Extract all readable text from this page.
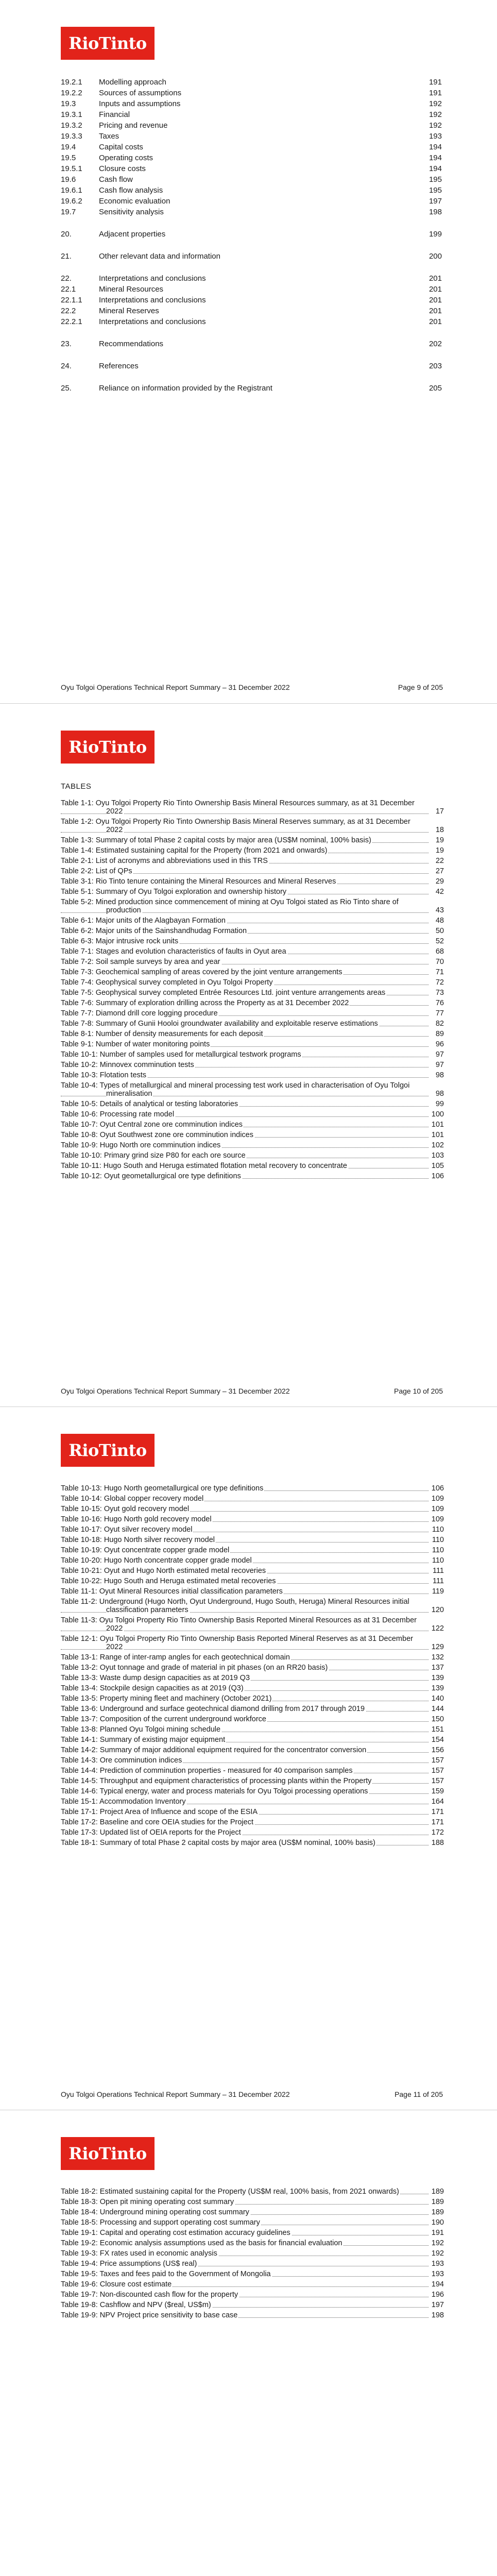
RioTinto
19.2.1	Modelling approach	191
19.2.2	Sources of assumptions	191
19.3	Inputs and assumptions	192
19.3.1	Financial	192
19.3.2	Pricing and revenue	192
19.3.3	Taxes	193
19.4	Capital costs	194
19.5	Operating costs	194
19.5.1	Closure costs	194
19.6	Cash flow	195
19.6.1	Cash flow analysis	195
19.6.2	Economic evaluation	197
19.7	Sensitivity analysis	198
20.	Adjacent properties	199
21.	Other relevant data and information	200
22.	Interpretations and conclusions	201
22.1	Mineral Resources	201
22.1.1	Interpretations and conclusions	201
22.2	Mineral Reserves	201
22.2.1	Interpretations and conclusions	201
23.	Recommendations	202
24.	References	203
25.	Reliance on information provided by the Registrant	205
Oyu Tolgoi Operations Technical Report Summary – 31 December 2022	Page 9 of 205
RioTinto
TABLES
Table 1-1: Oyu Tolgoi Property Rio Tinto Ownership Basis Mineral Resources summary, as at 31 December 2022	17
Table 1-2: Oyu Tolgoi Property Rio Tinto Ownership Basis Mineral Reserves summary, as at 31 December 2022	18
Table 1-3: Summary of total Phase 2 capital costs by major area (US$M nominal, 100% basis)	19
Table 1-4: Estimated sustaining capital for the Property (from 2021 and onwards)	19
Table 2-1: List of acronyms and abbreviations used in this TRS	22
Table 2-2: List of QPs	27
Table 3-1: Rio Tinto tenure containing the Mineral Resources and Mineral Reserves	29
Table 5-1: Summary of Oyu Tolgoi exploration and ownership history	42
Table 5-2: Mined production since commencement of mining at Oyu Tolgoi stated as Rio Tinto share of production	43
Table 6-1: Major units of the Alagbayan Formation	48
Table 6-2: Major units of the Sainshandhudag Formation	50
Table 6-3: Major intrusive rock units	52
Table 7-1: Stages and evolution characteristics of faults in Oyut area	68
Table 7-2: Soil sample surveys by area and year	70
Table 7-3: Geochemical sampling of areas covered by the joint venture arrangements	71
Table 7-4: Geophysical survey completed in Oyu Tolgoi Property	72
Table 7-5: Geophysical survey completed Entrée Resources Ltd. joint venture arrangements areas	73
Table 7-6: Summary of exploration drilling across the Property as at 31 December 2022	76
Table 7-7: Diamond drill core logging procedure	77
Table 7-8: Summary of Gunii Hooloi groundwater availability and exploitable reserve estimations	82
Table 8-1: Number of density measurements for each deposit	89
Table 9-1: Number of water monitoring points	96
Table 10-1: Number of samples used for metallurgical testwork programs	97
Table 10-2: Minnovex comminution tests	97
Table 10-3: Flotation tests	98
Table 10-4: Types of metallurgical and mineral processing test work used in characterisation of Oyu Tolgoi mineralisation	98
Table 10-5: Details of analytical or testing laboratories	99
Table 10-6: Processing rate model	100
Table 10-7: Oyut Central zone ore comminution indices	101
Table 10-8: Oyut Southwest zone ore comminution indices	101
Table 10-9: Hugo North ore comminution indices	102
Table 10-10: Primary grind size P80 for each ore source	103
Table 10-11: Hugo South and Heruga estimated flotation metal recovery to concentrate	105
Table 10-12: Oyut geometallurgical ore type definitions	106
Oyu Tolgoi Operations Technical Report Summary – 31 December 2022	Page 10 of 205
RioTinto
Table 10-13: Hugo North geometallurgical ore type definitions	106
Table 10-14: Global copper recovery model	109
Table 10-15: Oyut gold recovery model	109
Table 10-16: Hugo North gold recovery model	109
Table 10-17: Oyut silver recovery model	110
Table 10-18: Hugo North silver recovery model	110
Table 10-19: Oyut concentrate copper grade model	110
Table 10-20: Hugo North concentrate copper grade model	110
Table 10-21: Oyut and Hugo North estimated metal recoveries	111
Table 10-22: Hugo South and Heruga estimated metal recoveries	111
Table 11-1: Oyut Mineral Resources initial classification parameters	119
Table 11-2: Underground (Hugo North, Oyut Underground, Hugo South, Heruga) Mineral Resources initial classification parameters	120
Table 11-3: Oyu Tolgoi Property Rio Tinto Ownership Basis Reported Mineral Resources as at 31 December 2022	122
Table 12-1: Oyu Tolgoi Property Rio Tinto Ownership Basis Reported Mineral Reserves as at 31 December 2022	129
Table 13-1: Range of inter-ramp angles for each geotechnical domain	132
Table 13-2: Oyut tonnage and grade of material in pit phases (on an RR20 basis)	137
Table 13-3: Waste dump design capacities as at 2019 Q3	139
Table 13-4: Stockpile design capacities as at 2019 (Q3)	139
Table 13-5: Property mining fleet and machinery (October 2021)	140
Table 13-6: Underground and surface geotechnical diamond drilling from 2017 through 2019	144
Table 13-7: Composition of the current underground workforce	150
Table 13-8: Planned Oyu Tolgoi mining schedule	151
Table 14-1: Summary of existing major equipment	154
Table 14-2: Summary of major additional equipment required for the concentrator conversion	156
Table 14-3: Ore comminution indices	157
Table 14-4: Prediction of comminution properties - measured for 40 comparison samples	157
Table 14-5: Throughput and equipment characteristics of processing plants within the Property	157
Table 14-6: Typical energy, water and process materials for Oyu Tolgoi processing operations	159
Table 15-1: Accommodation Inventory	164
Table 17-1: Project Area of Influence and scope of the ESIA	171
Table 17-2: Baseline and core OEIA studies for the Project	171
Table 17-3: Updated list of OEIA reports for the Project	172
Table 18-1: Summary of total Phase 2 capital costs by major area (US$M nominal, 100% basis)	188
Oyu Tolgoi Operations Technical Report Summary – 31 December 2022	Page 11 of 205
RioTinto
Table 18-2: Estimated sustaining capital for the Property (US$M real, 100% basis, from 2021 onwards)	189
Table 18-3: Open pit mining operating cost summary	189
Table 18-4: Underground mining operating cost summary	189
Table 18-5: Processing and support operating cost summary	190
Table 19-1: Capital and operating cost estimation accuracy guidelines	191
Table 19-2: Economic analysis assumptions used as the basis for financial evaluation	192
Table 19-3: FX rates used in economic analysis	192
Table 19-4: Price assumptions (US$ real)	193
Table 19-5: Taxes and fees paid to the Government of Mongolia	193
Table 19-6: Closure cost estimate	194
Table 19-7: Non-discounted cash flow for the property	196
Table 19-8: Cashflow and NPV ($real, US$m)	197
Table 19-9: NPV Project price sensitivity to base case	198
